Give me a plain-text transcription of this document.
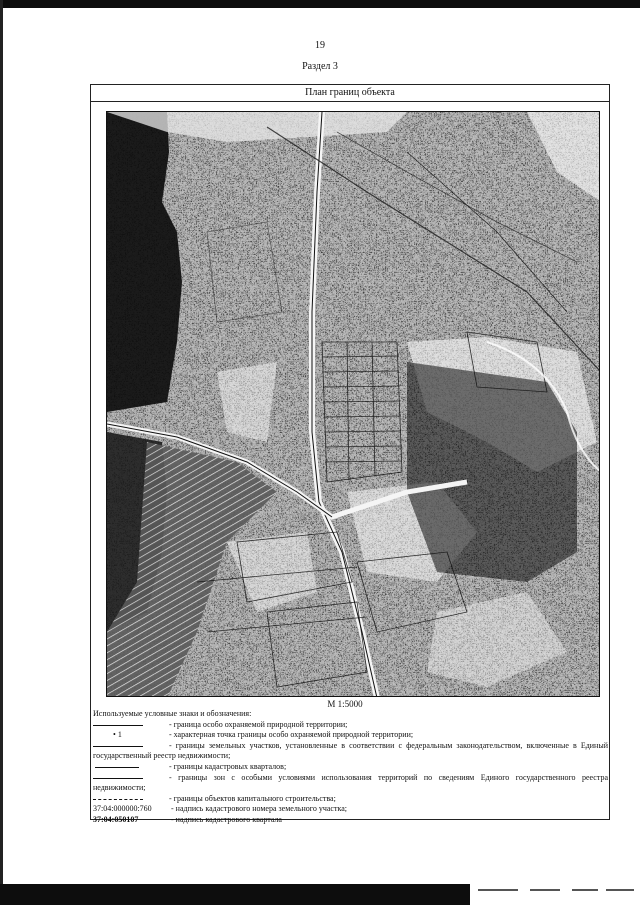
19
Раздел 3
План границ объекта
М 1:5000
Используемые условные знаки и обозначения:
- граница особо охраняемой природной территории;
• 1	- характерная точка границы особо охраняемой природной территории;
- границы земельных участков, установленные в соответствии с федеральным законодательством, включенные в Единый государственный реестр недвижимости;
- границы кадастровых кварталов;
- границы зон с особыми условиями использования территорий по сведениям Единого государственного реестра недвижимости;
- границы объектов капитального строительства;
37:04:000000:760	- надпись кадастрового номера земельного участка;
37:04:050107	- надпись кадастрового квартала
